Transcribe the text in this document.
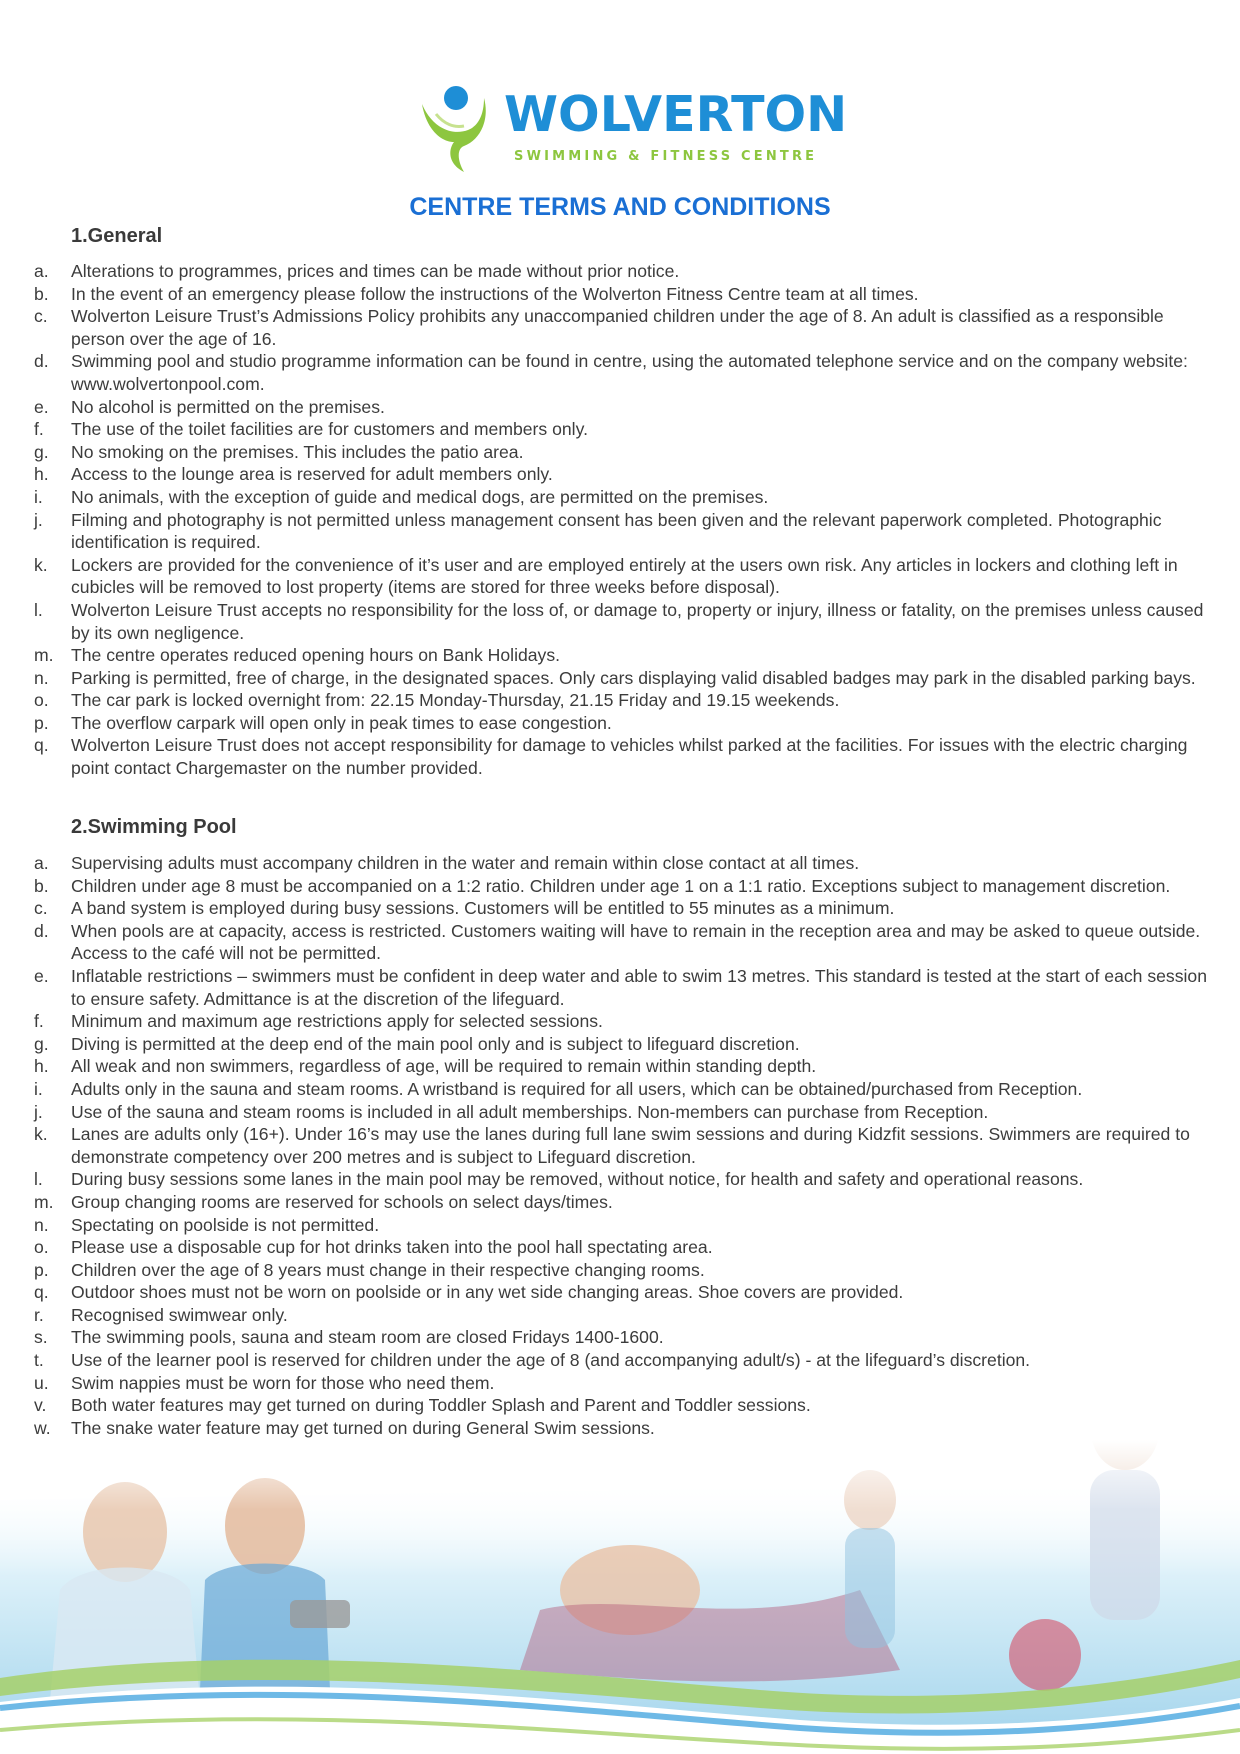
WOLVERTON
SWIMMING & FITNESS CENTRE
CENTRE TERMS AND CONDITIONS
1.General
a. Alterations to programmes, prices and times can be made without prior notice.
b. In the event of an emergency please follow the instructions of the Wolverton Fitness Centre team at all times.
c. Wolverton Leisure Trust’s Admissions Policy prohibits any unaccompanied children under the age of 8. An adult is classified as a responsible person over the age of 16.
d. Swimming pool and studio programme information can be found in centre, using the automated telephone service and on the company website: www.wolvertonpool.com.
e. No alcohol is permitted on the premises.
f. The use of the toilet facilities are for customers and members only.
g. No smoking on the premises. This includes the patio area.
h. Access to the lounge area is reserved for adult members only.
i. No animals, with the exception of guide and medical dogs, are permitted on the premises.
j. Filming and photography is not permitted unless management consent has been given and the relevant paperwork completed. Photographic identification is required.
k. Lockers are provided for the convenience of it’s user and are employed entirely at the users own risk. Any articles in lockers and clothing left in cubicles will be removed to lost property (items are stored for three weeks before disposal).
l. Wolverton Leisure Trust accepts no responsibility for the loss of, or damage to, property or injury, illness or fatality, on the premises unless caused by its own negligence.
m. The centre operates reduced opening hours on Bank Holidays.
n. Parking is permitted, free of charge, in the designated spaces. Only cars displaying valid disabled badges may park in the disabled parking bays.
o. The car park is locked overnight from: 22.15 Monday-Thursday, 21.15 Friday and 19.15 weekends.
p. The overflow carpark will open only in peak times to ease congestion.
q. Wolverton Leisure Trust does not accept responsibility for damage to vehicles whilst parked at the facilities. For issues with the electric charging point contact Chargemaster on the number provided.
2.Swimming Pool
a. Supervising adults must accompany children in the water and remain within close contact at all times.
b. Children under age 8 must be accompanied on a 1:2 ratio. Children under age 1 on a 1:1 ratio. Exceptions subject to management discretion.
c. A band system is employed during busy sessions. Customers will be entitled to 55 minutes as a minimum.
d. When pools are at capacity, access is restricted. Customers waiting will have to remain in the reception area and may be asked to queue outside. Access to the café will not be permitted.
e. Inflatable restrictions – swimmers must be confident in deep water and able to swim 13 metres. This standard is tested at the start of each session to ensure safety. Admittance is at the discretion of the lifeguard.
f. Minimum and maximum age restrictions apply for selected sessions.
g. Diving is permitted at the deep end of the main pool only and is subject to lifeguard discretion.
h. All weak and non swimmers, regardless of age, will be required to remain within standing depth.
i. Adults only in the sauna and steam rooms. A wristband is required for all users, which can be obtained/purchased from Reception.
j. Use of the sauna and steam rooms is included in all adult memberships. Non-members can purchase from Reception.
k. Lanes are adults only (16+). Under 16’s may use the lanes during full lane swim sessions and during Kidzfit sessions. Swimmers are required to demonstrate competency over 200 metres and is subject to Lifeguard discretion.
l. During busy sessions some lanes in the main pool may be removed, without notice, for health and safety and operational reasons.
m. Group changing rooms are reserved for schools on select days/times.
n. Spectating on poolside is not permitted.
o. Please use a disposable cup for hot drinks taken into the pool hall spectating area.
p. Children over the age of 8 years must change in their respective changing rooms.
q. Outdoor shoes must not be worn on poolside or in any wet side changing areas. Shoe covers are provided.
r. Recognised swimwear only.
s. The swimming pools, sauna and steam room are closed Fridays 1400-1600.
t. Use of the learner pool is reserved for children under the age of 8 (and accompanying adult/s) - at the lifeguard’s discretion.
u. Swim nappies must be worn for those who need them.
v. Both water features may get turned on during Toddler Splash and Parent and Toddler sessions.
w. The snake water feature may get turned on during General Swim sessions.
